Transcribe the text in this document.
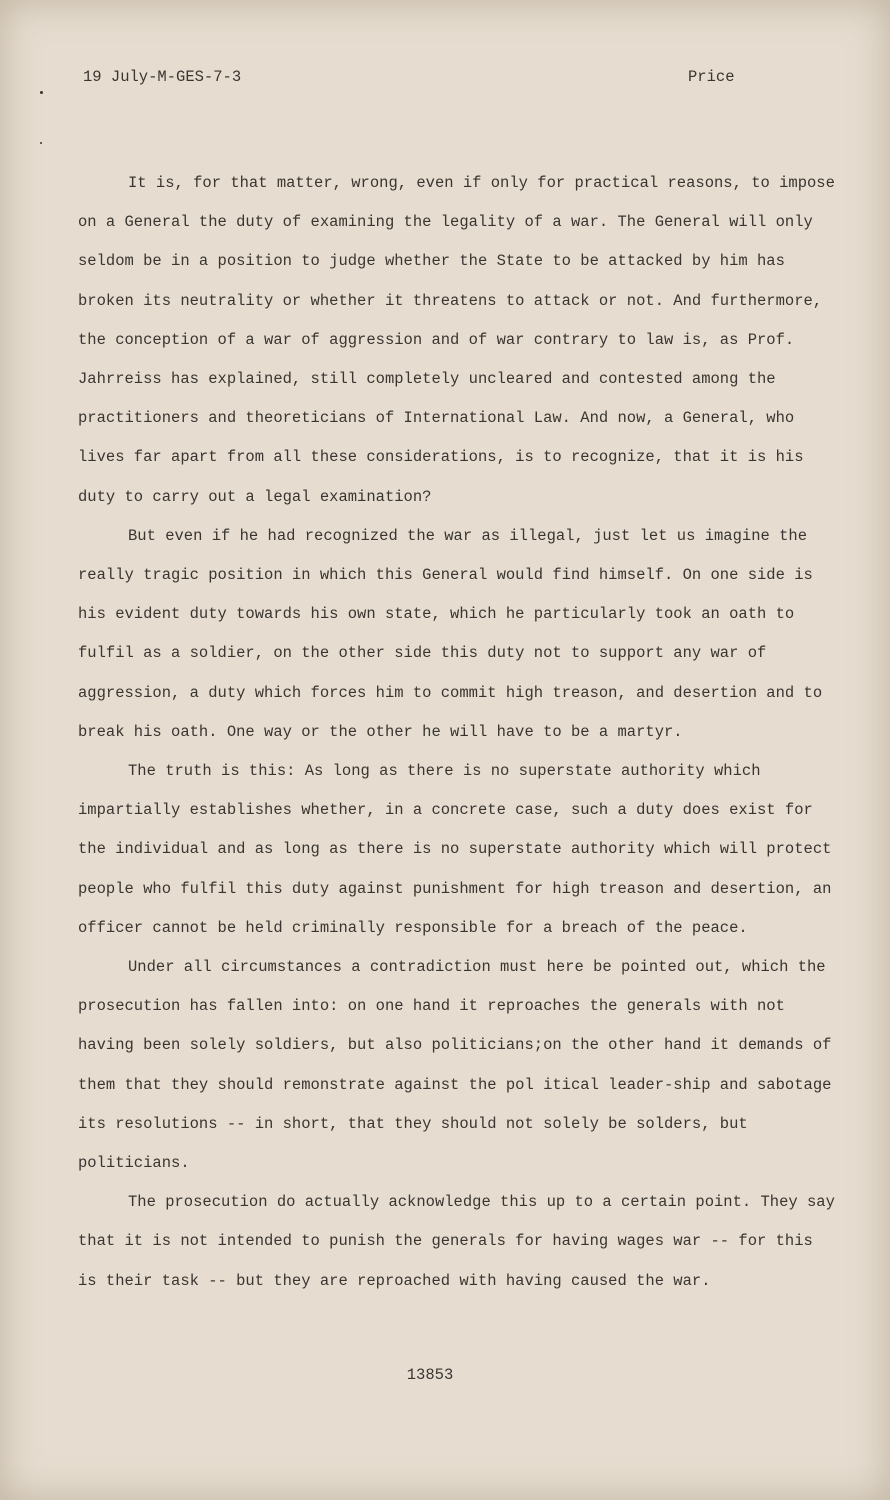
19 July-M-GES-7-3	Price

It is, for that matter, wrong, even if only for practical reasons, to impose on a General the duty of examining the legality of a war. The General will only seldom be in a position to judge whether the State to be attacked by him has broken its neutrality or whether it threatens to attack or not. And furthermore, the conception of a war of aggression and of war contrary to law is, as Prof. Jahrreiss has explained, still completely uncleared and contested among the practitioners and theoreticians of International Law. And now, a General, who lives far apart from all these considerations, is to recognize, that it is his duty to carry out a legal examination?

But even if he had recognized the war as illegal, just let us imagine the really tragic position in which this General would find himself. On one side is his evident duty towards his own state, which he particularly took an oath to fulfil as a soldier, on the other side this duty not to support any war of aggression, a duty which forces him to commit high treason, and desertion and to break his oath. One way or the other he will have to be a martyr.

The truth is this: As long as there is no superstate authority which impartially establishes whether, in a concrete case, such a duty does exist for the individual and as long as there is no superstate authority which will protect people who fulfil this duty against punishment for high treason and desertion, an officer cannot be held criminally responsible for a breach of the peace.

Under all circumstances a contradiction must here be pointed out, which the prosecution has fallen into: on one hand it reproaches the generals with not having been solely soldiers, but also politicians;on the other hand it demands of them that they should remonstrate against the pol itical leader-ship and sabotage its resolutions -- in short, that they should not solely be solders, but politicians.

The prosecution do actually acknowledge this up to a certain point. They say that it is not intended to punish the generals for having wages war -- for this is their task -- but they are reproached with having caused the war.

13853
